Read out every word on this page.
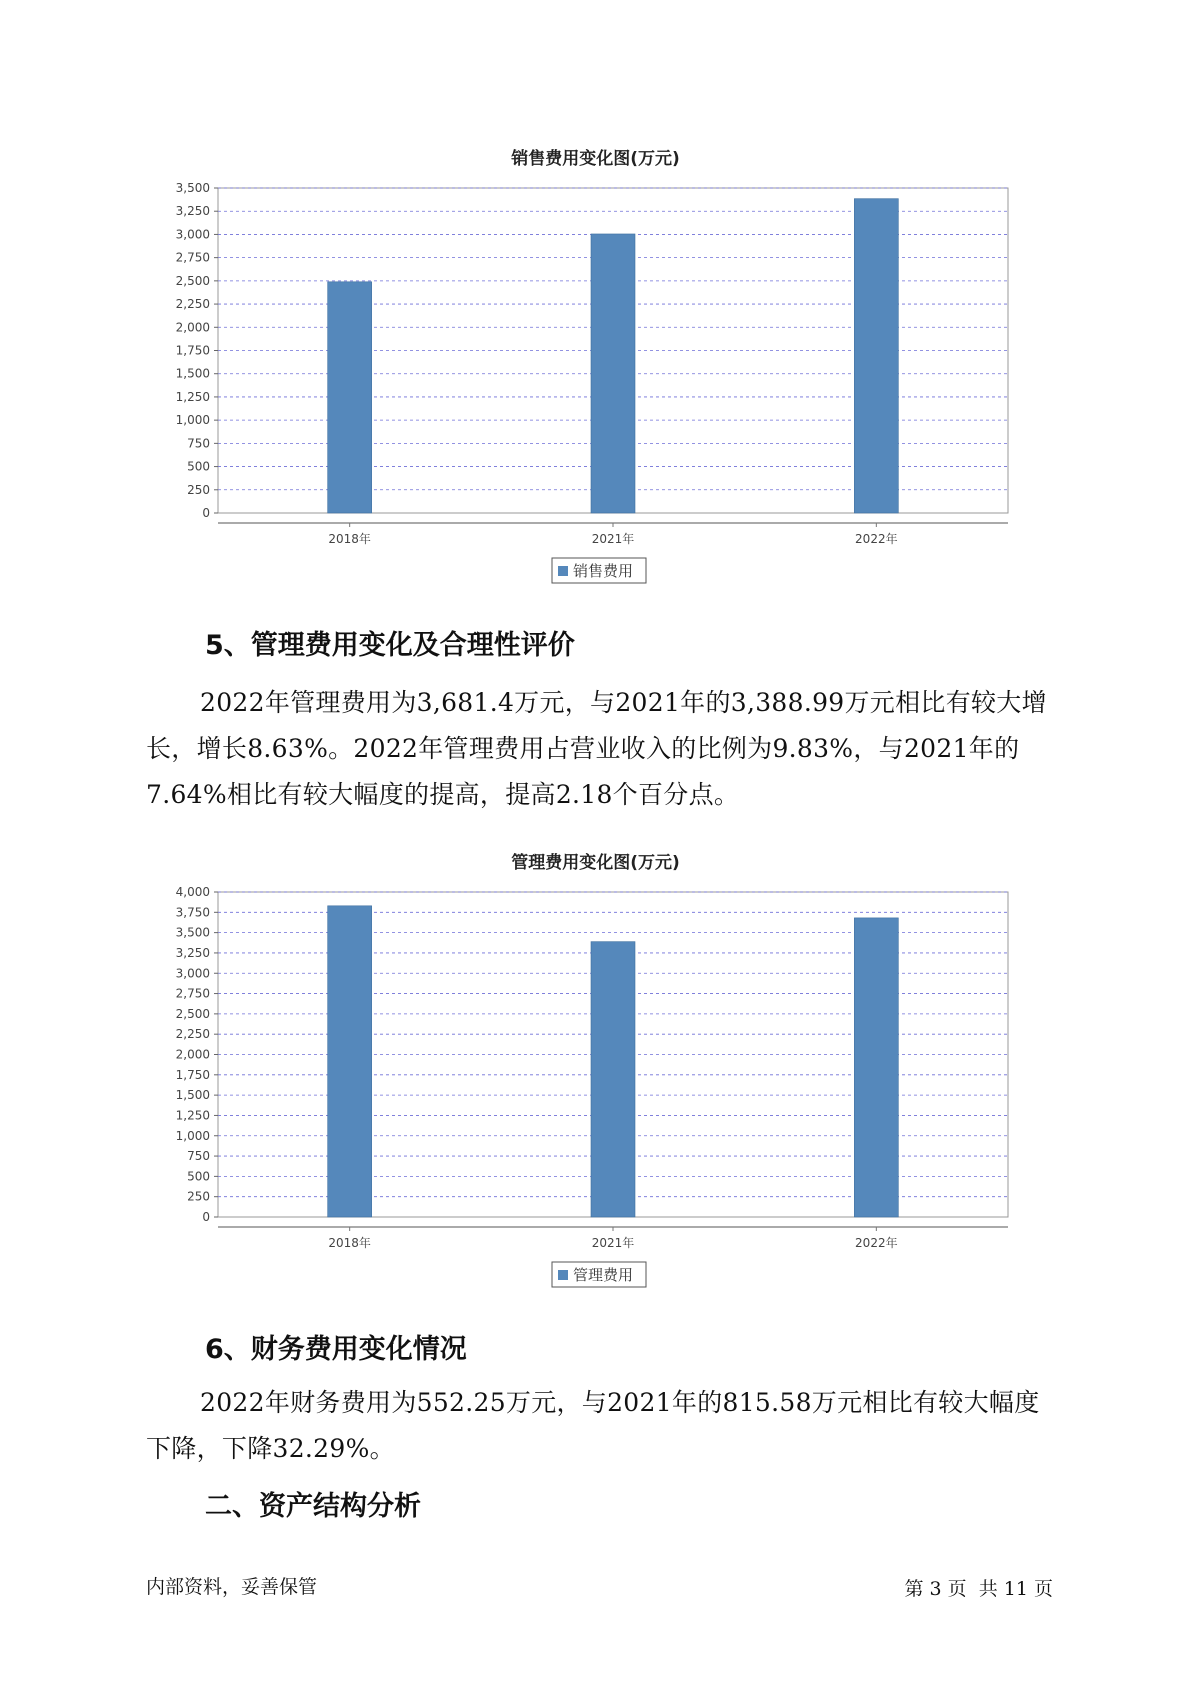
销售费用变化图(万元)
0
250
500
750
1,000
1,250
1,500
1,750
2,000
2,250
2,500
2,750
3,000
3,250
3,500
2018年	2021年	2022年
销售费用
5、管理费用变化及合理性评价

2022年管理费用为3,681.4万元，与2021年的3,388.99万元相比有较大增长，增长8.63%。2022年管理费用占营业收入的比例为9.83%，与2021年的7.64%相比有较大幅度的提高，提高2.18个百分点。

管理费用变化图(万元)
0
250
500
750
1,000
1,250
1,500
1,750
2,000
2,250
2,500
2,750
3,000
3,250
3,500
3,750
4,000
2018年	2021年	2022年
管理费用
6、财务费用变化情况

2022年财务费用为552.25万元，与2021年的815.58万元相比有较大幅度下降，下降32.29%。

二、资产结构分析
内部资料，妥善保管	第 3 页  共 11 页
